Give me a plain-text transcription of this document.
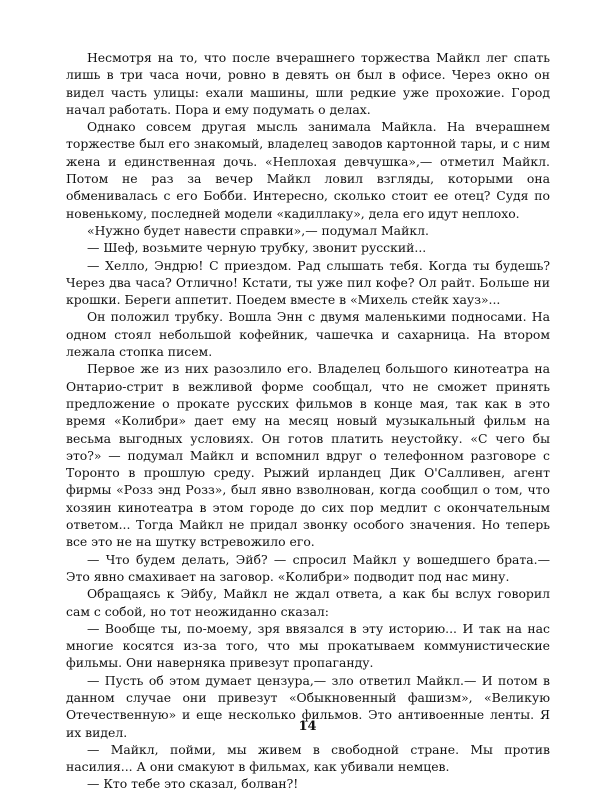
Несмотря на то, что после вчерашнего торжества Майкл лег спать лишь в три часа ночи, ровно в девять он был в офисе. Через окно он видел часть улицы: ехали машины, шли редкие уже прохожие. Город начал работать. Пора и ему подумать о делах.

Однако совсем другая мысль занимала Майкла. На вчерашнем торжестве был его знакомый, владелец заводов картонной тары, и с ним жена и единственная дочь. «Неплохая девчушка»,— отметил Майкл. Потом не раз за вечер Майкл ловил взгляды, которыми она обменивалась с его Бобби. Интересно, сколько стоит ее отец? Судя по новенькому, последней модели «кадиллаку», дела его идут неплохо.

«Нужно будет навести справки»,— подумал Майкл.

— Шеф, возьмите черную трубку, звонит русский...

— Хелло, Эндрю! С приездом. Рад слышать тебя. Когда ты будешь? Через два часа? Отлично! Кстати, ты уже пил кофе? Ол райт. Больше ни крошки. Береги аппетит. Поедем вместе в «Михель стейк хауз»...

Он положил трубку. Вошла Энн с двумя маленькими подносами. На одном стоял небольшой кофейник, чашечка и сахарница. На втором лежала стопка писем.

Первое же из них разозлило его. Владелец большого кинотеатра на Онтарио-стрит в вежливой форме сообщал, что не сможет принять предложение о прокате русских фильмов в конце мая, так как в это время «Колибри» дает ему на месяц новый музыкальный фильм на весьма выгодных условиях. Он готов платить неустойку. «С чего бы это?» — подумал Майкл и вспомнил вдруг о телефонном разговоре с Торонто в прошлую среду. Рыжий ирландец Дик О'Салливен, агент фирмы «Розз энд Розз», был явно взволнован, когда сообщил о том, что хозяин кинотеатра в этом городе до сих пор медлит с окончательным ответом... Тогда Майкл не придал звонку особого значения. Но теперь все это не на шутку встревожило его.

— Что будем делать, Эйб? — спросил Майкл у вошедшего брата.— Это явно смахивает на заговор. «Колибри» подводит под нас мину.

Обращаясь к Эйбу, Майкл не ждал ответа, а как бы вслух говорил сам с собой, но тот неожиданно сказал:

— Вообще ты, по-моему, зря ввязался в эту историю... И так на нас многие косятся из-за того, что мы прокатываем коммунистические фильмы. Они наверняка привезут пропаганду.

— Пусть об этом думает цензура,— зло ответил Майкл.— И потом в данном случае они привезут «Обыкновенный фашизм», «Великую Отечественную» и еще несколько фильмов. Это антивоенные ленты. Я их видел.

— Майкл, пойми, мы живем в свободной стране. Мы против насилия... А они смакуют в фильмах, как убивали немцев.

— Кто тебе это сказал, болван?!

14
